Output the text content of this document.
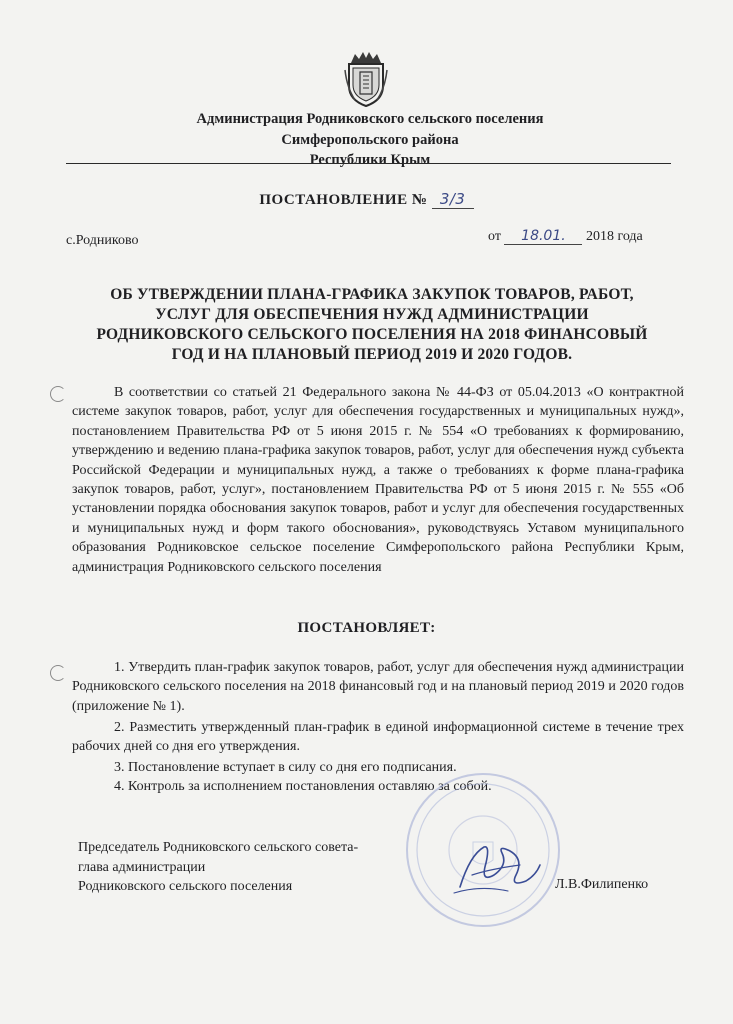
Администрация Родниковского сельского поселения
Симферопольского района
Республики Крым
ПОСТАНОВЛЕНИЕ № 3/3
с.Родниково	от 18.01. 2018 года
ОБ УТВЕРЖДЕНИИ ПЛАНА-ГРАФИКА ЗАКУПОК ТОВАРОВ, РАБОТ,
УСЛУГ ДЛЯ ОБЕСПЕЧЕНИЯ НУЖД АДМИНИСТРАЦИИ
РОДНИКОВСКОГО СЕЛЬСКОГО ПОСЕЛЕНИЯ НА 2018 ФИНАНСОВЫЙ
ГОД И НА ПЛАНОВЫЙ ПЕРИОД 2019 И 2020 ГОДОВ.
В соответствии со статьей 21 Федерального закона № 44-ФЗ от 05.04.2013 «О контрактной системе закупок товаров, работ, услуг для обеспечения государственных и муниципальных нужд», постановлением Правительства РФ от 5 июня 2015 г. № 554 «О требованиях к формированию, утверждению и ведению плана-графика закупок товаров, работ, услуг для обеспечения нужд субъекта Российской Федерации и муниципальных нужд, а также о требованиях к форме плана-графика закупок товаров, работ, услуг», постановлением Правительства РФ от 5 июня 2015 г. № 555 «Об установлении порядка обоснования закупок товаров, работ и услуг для обеспечения государственных и муниципальных нужд и форм такого обоснования», руководствуясь Уставом муниципального образования Родниковское сельское поселение Симферопольского района Республики Крым, администрация Родниковского сельского поселения
ПОСТАНОВЛЯЕТ:
1. Утвердить план-график закупок товаров, работ, услуг для обеспечения нужд администрации Родниковского сельского поселения на 2018 финансовый год и на плановый период 2019 и 2020 годов (приложение № 1).
2. Разместить утвержденный план-график в единой информационной системе в течение трех рабочих дней со дня его утверждения.
3. Постановление вступает в силу со дня его подписания.
4. Контроль за исполнением постановления оставляю за собой.
Председатель Родниковского сельского совета-
глава администрации
Родниковского сельского поселения	Л.В.Филипенко
